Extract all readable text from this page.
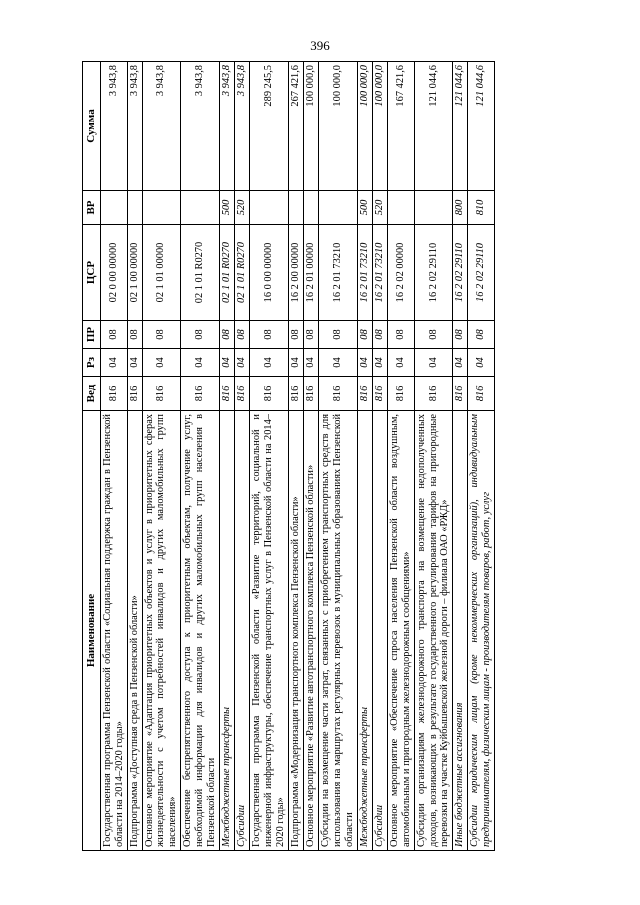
396
Наименование	Вед	Рз	ПР	ЦСР	ВР	Сумма
Государственная программа Пензенской области «Социальная поддержка граждан в Пензенской области на 2014–2020 годы»	816	04	08	02 0 00 00000		3 943,8
Подпрограмма «Доступная среда в Пензенской области»	816	04	08	02 1 00 00000		3 943,8
Основное мероприятие «Адаптация приоритетных объектов и услуг в приоритетных сферах жизнедеятельности с учетом потребностей инвалидов и других маломобильных групп населения»	816	04	08	02 1 01 00000		3 943,8
Обеспечение беспрепятственного доступа к приоритетным объектам, получение услуг, необходимой информации для инвалидов и других маломобильных групп населения в Пензенской области	816	04	08	02 1 01 R0270		3 943,8
Межбюджетные трансферты	816	04	08	02 1 01 R0270	500	3 943,8
Субсидии	816	04	08	02 1 01 R0270	520	3 943,8
Государственная программа Пензенской области «Развитие территорий, социальной и инженерной инфраструктуры, обеспечение транспортных услуг в Пензенской области на 2014–2020 годы»	816	04	08	16 0 00 00000		289 245,5
Подпрограмма «Модернизация транспортного комплекса Пензенской области»	816	04	08	16 2 00 00000		267 421,6
Основное мероприятие «Развитие автотранспортного комплекса Пензенской области»	816	04	08	16 2 01 00000		100 000,0
Субсидии на возмещение части затрат, связанных с приобретением транспортных средств для использования на маршрутах регулярных перевозок в муниципальных образованиях Пензенской области	816	04	08	16 2 01 73210		100 000,0
Межбюджетные трансферты	816	04	08	16 2 01 73210	500	100 000,0
Субсидии	816	04	08	16 2 01 73210	520	100 000,0
Основное мероприятие «Обеспечение спроса населения Пензенской области воздушным, автомобильным и пригородным железнодорожным сообщениями»	816	04	08	16 2 02 00000		167 421,6
Субсидии организациям железнодорожного транспорта на возмещение недополученных доходов, возникающих в результате государственного регулирования тарифов на пригородные перевозки на участке Куйбышевской железной дороги – филиала ОАО «РЖД»	816	04	08	16 2 02 29110		121 044,6
Иные бюджетные ассигнования	816	04	08	16 2 02 29110	800	121 044,6
Субсидии юридическим лицам (кроме некоммерческих организаций), индивидуальным предпринимателям, физическим лицам - производителям товаров, работ, услуг	816	04	08	16 2 02 29110	810	121 044,6
